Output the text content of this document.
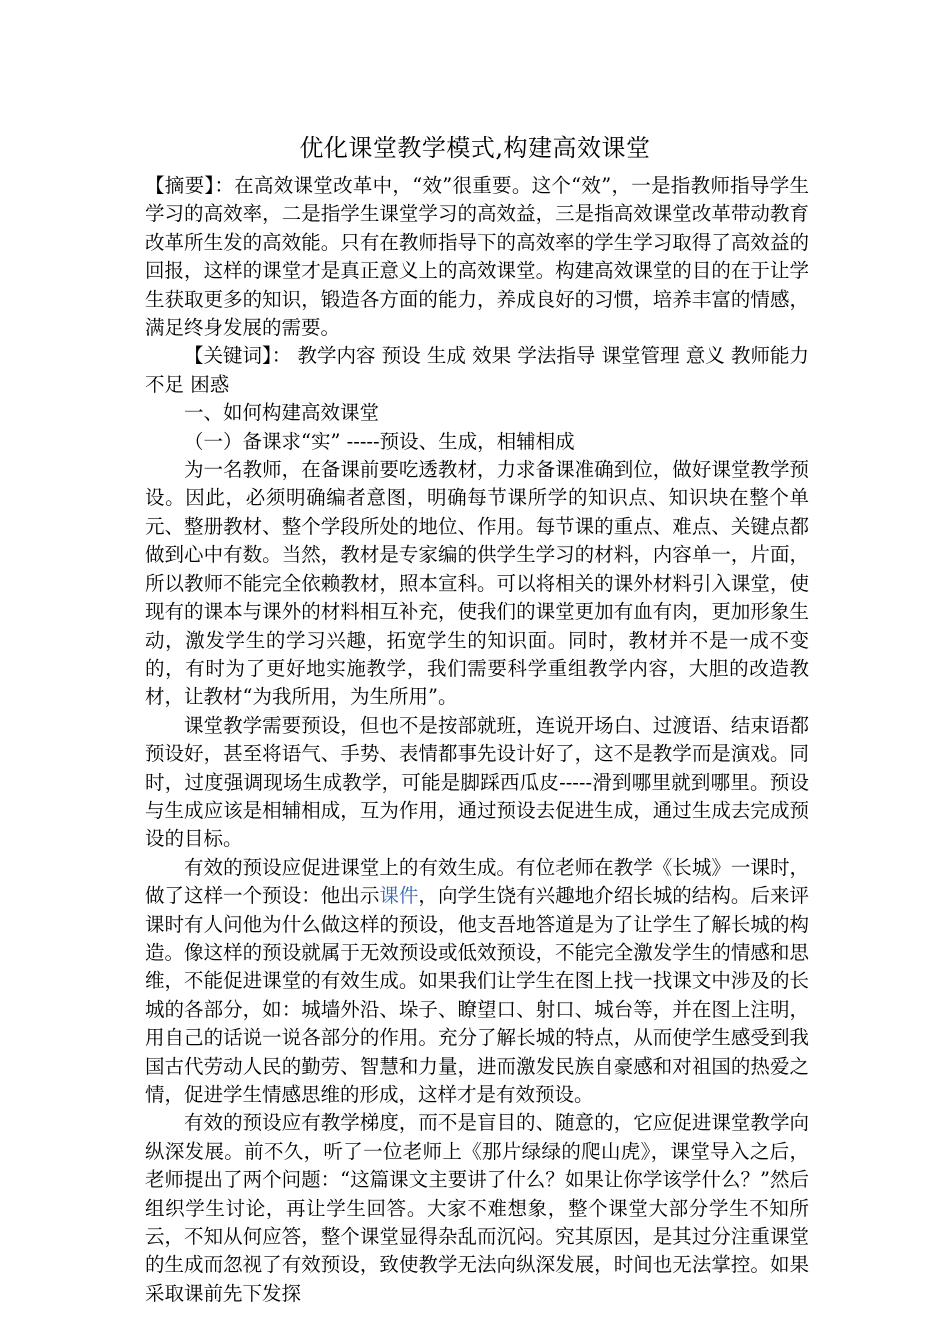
优化课堂教学模式,构建高效课堂

【摘要】：在高效课堂改革中，“效”很重要。这个“效”，一是指教师指导学生学习的高效率，二是指学生课堂学习的高效益，三是指高效课堂改革带动教育改革所生发的高效能。只有在教师指导下的高效率的学生学习取得了高效益的回报，这样的课堂才是真正意义上的高效课堂。构建高效课堂的目的在于让学生获取更多的知识，锻造各方面的能力，养成良好的习惯，培养丰富的情感，满足终身发展的需要。

【关键词】： 教学内容 预设 生成 效果 学法指导 课堂管理 意义 教师能力 不足 困惑

一、如何构建高效课堂

（一）备课求“实” -----预设、生成，相辅相成

为一名教师，在备课前要吃透教材，力求备课准确到位，做好课堂教学预设。因此，必须明确编者意图，明确每节课所学的知识点、知识块在整个单元、整册教材、整个学段所处的地位、作用。每节课的重点、难点、关键点都做到心中有数。当然，教材是专家编的供学生学习的材料，内容单一，片面，所以教师不能完全依赖教材，照本宣科。可以将相关的课外材料引入课堂，使现有的课本与课外的材料相互补充，使我们的课堂更加有血有肉，更加形象生动，激发学生的学习兴趣，拓宽学生的知识面。同时，教材并不是一成不变的，有时为了更好地实施教学，我们需要科学重组教学内容，大胆的改造教材，让教材“为我所用，为生所用”。

课堂教学需要预设，但也不是按部就班，连说开场白、过渡语、结束语都预设好，甚至将语气、手势、表情都事先设计好了，这不是教学而是演戏。同时，过度强调现场生成教学，可能是脚踩西瓜皮-----滑到哪里就到哪里。预设与生成应该是相辅相成，互为作用，通过预设去促进生成，通过生成去完成预设的目标。

有效的预设应促进课堂上的有效生成。有位老师在教学《长城》一课时，做了这样一个预设：他出示课件，向学生饶有兴趣地介绍长城的结构。后来评课时有人问他为什么做这样的预设，他支吾地答道是为了让学生了解长城的构造。像这样的预设就属于无效预设或低效预设，不能完全激发学生的情感和思维，不能促进课堂的有效生成。如果我们让学生在图上找一找课文中涉及的长城的各部分，如：城墙外沿、垛子、瞭望口、射口、城台等，并在图上注明，用自己的话说一说各部分的作用。充分了解长城的特点，从而使学生感受到我国古代劳动人民的勤劳、智慧和力量，进而激发民族自豪感和对祖国的热爱之情，促进学生情感思维的形成，这样才是有效预设。

有效的预设应有教学梯度，而不是盲目的、随意的，它应促进课堂教学向纵深发展。前不久，听了一位老师上《那片绿绿的爬山虎》，课堂导入之后，老师提出了两个问题：“这篇课文主要讲了什么？如果让你学该学什么？”然后组织学生讨论，再让学生回答。大家不难想象，整个课堂大部分学生不知所云，不知从何应答，整个课堂显得杂乱而沉闷。究其原因，是其过分注重课堂的生成而忽视了有效预设，致使教学无法向纵深发展，时间也无法掌控。如果采取课前先下发探
